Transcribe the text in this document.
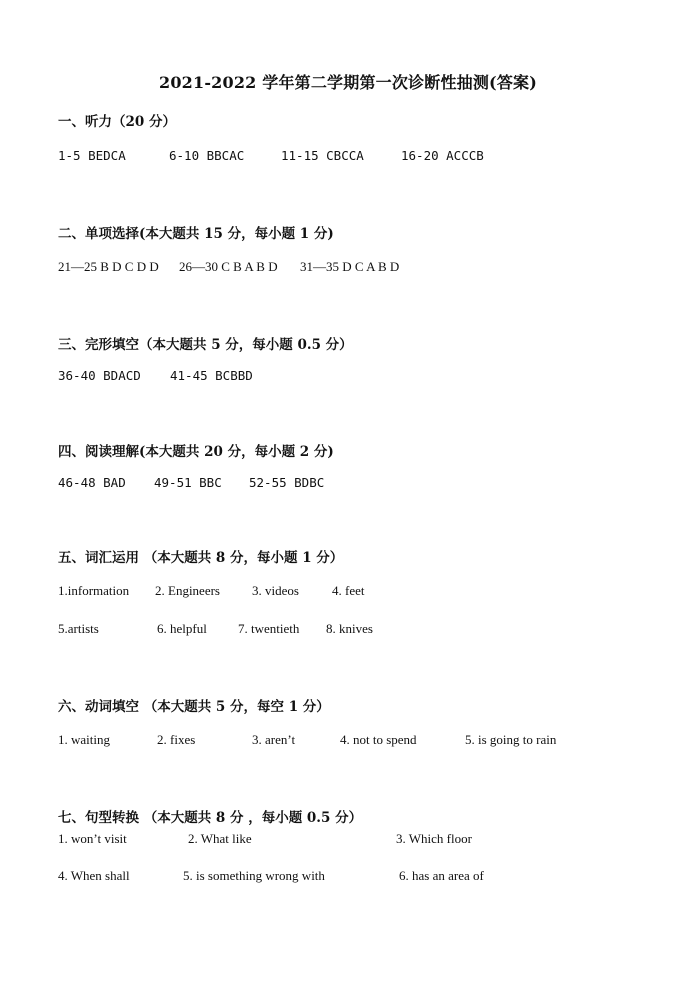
2021-2022 学年第二学期第一次诊断性抽测(答案)
一、听力（20 分）
1-5 BEDCA	6-10 BBCAC	11-15 CBCCA	16-20 ACCCB
二、单项选择(本大题共 15 分，每小题 1 分)
21—25 B D C D D 26—30 C B A B D 31—35 D C A B D
三、完形填空（本大题共 5 分，每小题 0.5 分）
36-40 BDACD 41-45 BCBBD
四、阅读理解(本大题共 20 分，每小题 2 分)
46-48 BAD 49-51 BBC 52-55 BDBC
五、词汇运用 （本大题共 8 分，每小题 1 分）
1.information 2. Engineers 3. videos	4. feet
5.artists	6. helpful 7. twentieth 8. knives
六、动词填空 （本大题共 5 分，每空 1 分）
1. waiting	2. fixes	3. aren’t	4. not to spend	5. is going to rain
七、句型转换 （本大题共 8 分 ，每小题 0.5 分）
1. won’t visit	2. What like	3. Which floor
4. When shall	5. is something wrong with	6. has an area of
